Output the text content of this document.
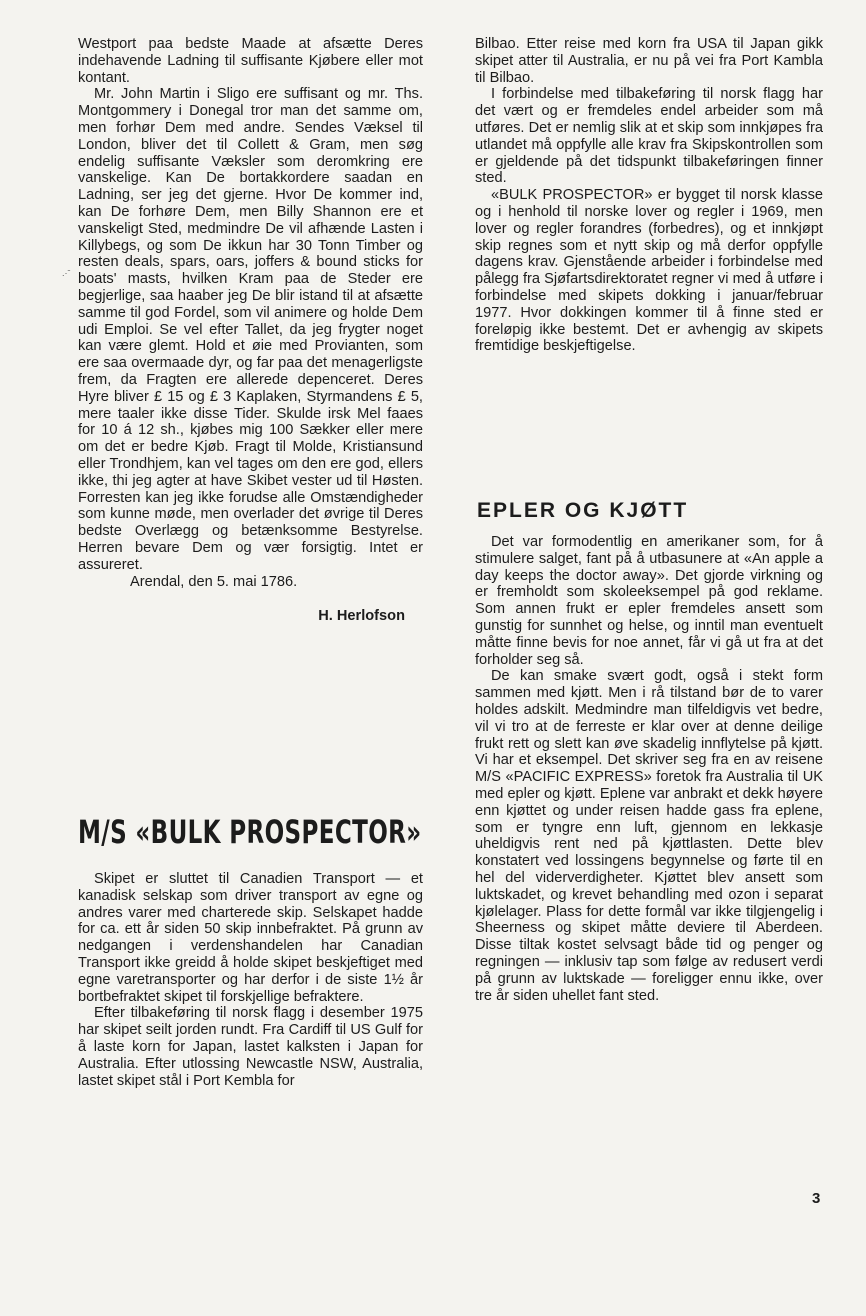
Westport paa bedste Maade at afsætte Deres indehavende Ladning til suffisante Kjøbere eller mot kontant.

Mr. John Martin i Sligo ere suffisant og mr. Ths. Montgommery i Donegal tror man det samme om, men forhør Dem med andre. Sendes Væksel til London, bliver det til Collett & Gram, men søg endelig suffisante Væksler som deromkring ere vanskelige. Kan De bortakkordere saadan en Ladning, ser jeg det gjerne. Hvor De kommer ind, kan De forhøre Dem, men Billy Shannon ere et vanskeligt Sted, medmindre De vil afhænde Lasten i Killybegs, og som De ikkun har 30 Tonn Timber og resten deals, spars, oars, joffers & bound sticks for boats' masts, hvilken Kram paa de Steder ere begjerlige, saa haaber jeg De blir istand til at afsætte samme til god Fordel, som vil animere og holde Dem udi Emploi. Se vel efter Tallet, da jeg frygter noget kan være glemt. Hold et øie med Provianten, som ere saa overmaade dyr, og far paa det menagerligste frem, da Fragten ere allerede depenceret. Deres Hyre bliver £ 15 og £ 3 Kaplaken, Styrmandens £ 5, mere taaler ikke disse Tider. Skulde irsk Mel faaes for 10 á 12 sh., kjøbes mig 100 Sækker eller mere om det er bedre Kjøb. Fragt til Molde, Kristiansund eller Trondhjem, kan vel tages om den ere god, ellers ikke, thi jeg agter at have Skibet vester ud til Høsten. Forresten kan jeg ikke forudse alle Omstændigheder som kunne møde, men overlader det øvrige til Deres bedste Overlægg og betænksomme Bestyrelse. Herren bevare Dem og vær forsigtig. Intet er assureret.

Arendal, den 5. mai 1786.

H. Herlofson

.·ˉ
M/S «BULK PROSPECTOR»

Skipet er sluttet til Canadien Transport — et kanadisk selskap som driver transport av egne og andres varer med charterede skip. Selskapet hadde for ca. ett år siden 50 skip innbefraktet. På grunn av nedgangen i verdenshandelen har Canadian Transport ikke greidd å holde skipet beskjeftiget med egne varetransporter og har derfor i de siste 1½ år bortbefraktet skipet til forskjellige befraktere.

Efter tilbakeføring til norsk flagg i desember 1975 har skipet seilt jorden rundt. Fra Cardiff til US Gulf for å laste korn for Japan, lastet kalksten i Japan for Australia. Efter utlossing Newcastle NSW, Australia, lastet skipet stål i Port Kembla for

Bilbao. Etter reise med korn fra USA til Japan gikk skipet atter til Australia, er nu på vei fra Port Kambla til Bilbao.

I forbindelse med tilbakeføring til norsk flagg har det vært og er fremdeles endel arbeider som må utføres. Det er nemlig slik at et skip som innkjøpes fra utlandet må oppfylle alle krav fra Skipskontrollen som er gjeldende på det tidspunkt tilbakeføringen finner sted.

«BULK PROSPECTOR» er bygget til norsk klasse og i henhold til norske lover og regler i 1969, men lover og regler forandres (forbedres), og et innkjøpt skip regnes som et nytt skip og må derfor oppfylle dagens krav. Gjenstående arbeider i forbindelse med pålegg fra Sjøfartsdirektoratet regner vi med å utføre i forbindelse med skipets dokking i januar/februar 1977. Hvor dokkingen kommer til å finne sted er foreløpig ikke bestemt. Det er avhengig av skipets fremtidige beskjeftigelse.

EPLER OG KJØTT

Det var formodentlig en amerikaner som, for å stimulere salget, fant på å utbasunere at «An apple a day keeps the doctor away». Det gjorde virkning og er fremholdt som skoleeksempel på god reklame. Som annen frukt er epler fremdeles ansett som gunstig for sunnhet og helse, og inntil man eventuelt måtte finne bevis for noe annet, får vi gå ut fra at det forholder seg så.

De kan smake svært godt, også i stekt form sammen med kjøtt. Men i rå tilstand bør de to varer holdes adskilt. Medmindre man tilfeldigvis vet bedre, vil vi tro at de ferreste er klar over at denne deilige frukt rett og slett kan øve skadelig innflytelse på kjøtt. Vi har et eksempel. Det skriver seg fra en av reisene M/S «PACIFIC EXPRESS» foretok fra Australia til UK med epler og kjøtt. Eplene var anbrakt et dekk høyere enn kjøttet og under reisen hadde gass fra eplene, som er tyngre enn luft, gjennom en lekkasje uheldigvis rent ned på kjøttlasten. Dette blev konstatert ved lossingens begynnelse og førte til en hel del viderverdigheter. Kjøttet blev ansett som luktskadet, og krevet behandling med ozon i separat kjølelager. Plass for dette formål var ikke tilgjengelig i Sheerness og skipet måtte deviere til Aberdeen. Disse tiltak kostet selvsagt både tid og penger og regningen — inklusiv tap som følge av redusert verdi på grunn av luktskade — foreligger ennu ikke, over tre år siden uhellet fant sted.

3
